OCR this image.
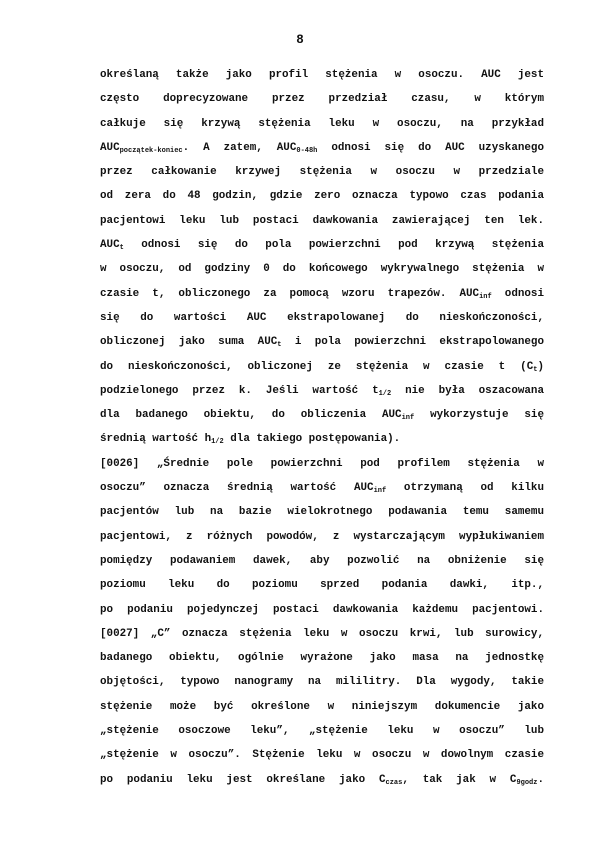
8
określaną także jako profil stężenia w osoczu. AUC jest
często doprecyzowane przez przedział czasu, w którym
całkuje się krzywą stężenia leku w osoczu, na przykład
$AUC_{początek-koniec}$. A zatem, $AUC_{0-48h}$ odnosi się do AUC uzyskanego
przez całkowanie krzywej stężenia w osoczu w przedziale
od zera do 48 godzin, gdzie zero oznacza typowo czas podania
pacjentowi leku lub postaci dawkowania zawierającej ten lek.
$AUC_t$ odnosi się do pola powierzchni pod krzywą stężenia
w osoczu, od godziny 0 do końcowego wykrywalnego stężenia w
czasie t, obliczonego za pomocą wzoru trapezów. $AUC_{inf}$ odnosi
się do wartości AUC ekstrapolowanej do nieskończoności,
obliczonej jako suma $AUC_t$ i pola powierzchni ekstrapolowanego
do nieskończoności, obliczonej ze stężenia w czasie t $(C_t)$
podzielonego przez k. Jeśli wartość $t_{1/2}$ nie była oszacowana
dla badanego obiektu, do obliczenia $AUC_{inf}$ wykorzystuje się
średnią wartość $h_{1/2}$ dla takiego postępowania).
[0026] „Średnie pole powierzchni pod profilem stężenia w
osoczu” oznacza średnią wartość $AUC_{inf}$ otrzymaną od kilku
pacjentów lub na bazie wielokrotnego podawania temu samemu
pacjentowi, z różnych powodów, z wystarczającym wypłukiwaniem
pomiędzy podawaniem dawek, aby pozwolić na obniżenie się
poziomu leku do poziomu sprzed podania dawki, itp.,
po podaniu pojedynczej postaci dawkowania każdemu pacjentowi.
[0027] „C” oznacza stężenia leku w osoczu krwi, lub surowicy,
badanego obiektu, ogólnie wyrażone jako masa na jednostkę
objętości, typowo nanogramy na mililitry. Dla wygody, takie
stężenie może być określone w niniejszym dokumencie jako
„stężenie osoczowe leku”, „stężenie leku w osoczu” lub
„stężenie w osoczu”. Stężenie leku w osoczu w dowolnym czasie
po podaniu leku jest określane jako $C_{czas}$, tak jak w $C_{9godz}$.
